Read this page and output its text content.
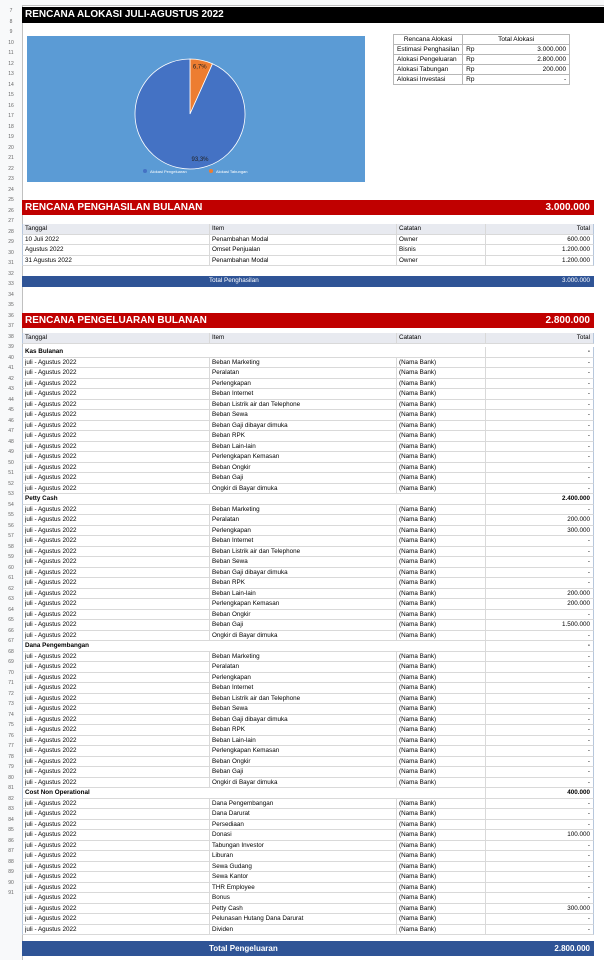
7
8
9
10
11
12
13
14
15
16
17
18
19
20
21
22
23
24
25
26
27
28
29
30
31
32
33
34
35
36
37
38
39
40
41
42
43
44
45
46
47
48
49
50
51
52
53
54
55
56
57
58
59
60
61
62
63
64
65
66
67
68
69
70
71
72
73
74
75
76
77
78
79
80
81
82
83
84
85
86
87
88
89
90
91
RENCANA ALOKASI JULI-AGUSTUS 2022
6,7%
93,3%
Alokasi Pengeluaran	Alokasi Tabungan
Rencana Alokasi	Total Alokasi	
Estimasi Penghasilan	Rp	3.000.000
Alokasi Pengeluaran	Rp	2.800.000
Alokasi Tabungan	Rp	200.000
Alokasi Investasi	Rp	-
RENCANA PENGHASILAN BULANAN	3.000.000
Tanggal	Item	Catatan	Total
10 Juli 2022	Penambahan Modal	Owner	600.000
Agustus 2022	Omset Penjualan	Bisnis	1.200.000
31 Agustus 2022	Penambahan Modal	Owner	1.200.000
Total Penghasilan	3.000.000
RENCANA PENGELUARAN BULANAN	2.800.000
Tanggal	Item	Catatan	Total
Kas Bulanan	-
juli - Agustus 2022	Beban Marketing	(Nama Bank)	-
juli - Agustus 2022	Peralatan	(Nama Bank)	-
juli - Agustus 2022	Perlengkapan	(Nama Bank)	-
juli - Agustus 2022	Beban Internet	(Nama Bank)	-
juli - Agustus 2022	Beban Listrik air dan Telephone	(Nama Bank)	-
juli - Agustus 2022	Beban Sewa	(Nama Bank)	-
juli - Agustus 2022	Beban Gaji dibayar dimuka	(Nama Bank)	-
juli - Agustus 2022	Beban RPK	(Nama Bank)	-
juli - Agustus 2022	Beban Lain-lain	(Nama Bank)	-
juli - Agustus 2022	Perlengkapan Kemasan	(Nama Bank)	-
juli - Agustus 2022	Beban Ongkir	(Nama Bank)	-
juli - Agustus 2022	Beban Gaji	(Nama Bank)	-
juli - Agustus 2022	Ongkir di Bayar dimuka	(Nama Bank)	-
Petty Cash	2.400.000
juli - Agustus 2022	Beban Marketing	(Nama Bank)	-
juli - Agustus 2022	Peralatan	(Nama Bank)	200.000
juli - Agustus 2022	Perlengkapan	(Nama Bank)	300.000
juli - Agustus 2022	Beban Internet	(Nama Bank)	-
juli - Agustus 2022	Beban Listrik air dan Telephone	(Nama Bank)	-
juli - Agustus 2022	Beban Sewa	(Nama Bank)	-
juli - Agustus 2022	Beban Gaji dibayar dimuka	(Nama Bank)	-
juli - Agustus 2022	Beban RPK	(Nama Bank)	-
juli - Agustus 2022	Beban Lain-lain	(Nama Bank)	200.000
juli - Agustus 2022	Perlengkapan Kemasan	(Nama Bank)	200.000
juli - Agustus 2022	Beban Ongkir	(Nama Bank)	-
juli - Agustus 2022	Beban Gaji	(Nama Bank)	1.500.000
juli - Agustus 2022	Ongkir di Bayar dimuka	(Nama Bank)	-
Dana Pengembangan	-
juli - Agustus 2022	Beban Marketing	(Nama Bank)	-
juli - Agustus 2022	Peralatan	(Nama Bank)	-
juli - Agustus 2022	Perlengkapan	(Nama Bank)	-
juli - Agustus 2022	Beban Internet	(Nama Bank)	-
juli - Agustus 2022	Beban Listrik air dan Telephone	(Nama Bank)	-
juli - Agustus 2022	Beban Sewa	(Nama Bank)	-
juli - Agustus 2022	Beban Gaji dibayar dimuka	(Nama Bank)	-
juli - Agustus 2022	Beban RPK	(Nama Bank)	-
juli - Agustus 2022	Beban Lain-lain	(Nama Bank)	-
juli - Agustus 2022	Perlengkapan Kemasan	(Nama Bank)	-
juli - Agustus 2022	Beban Ongkir	(Nama Bank)	-
juli - Agustus 2022	Beban Gaji	(Nama Bank)	-
juli - Agustus 2022	Ongkir di Bayar dimuka	(Nama Bank)	-
Cost Non Operational	400.000
juli - Agustus 2022	Dana Pengembangan	(Nama Bank)	-
juli - Agustus 2022	Dana Darurat	(Nama Bank)	-
juli - Agustus 2022	Persediaan	(Nama Bank)	-
juli - Agustus 2022	Donasi	(Nama Bank)	100.000
juli - Agustus 2022	Tabungan Investor	(Nama Bank)	-
juli - Agustus 2022	Liburan	(Nama Bank)	-
juli - Agustus 2022	Sewa Gudang	(Nama Bank)	-
juli - Agustus 2022	Sewa Kantor	(Nama Bank)	-
juli - Agustus 2022	THR Employee	(Nama Bank)	-
juli - Agustus 2022	Bonus	(Nama Bank)	-
juli - Agustus 2022	Petty Cash	(Nama Bank)	300.000
juli - Agustus 2022	Pelunasan Hutang Dana Darurat	(Nama Bank)	-
juli - Agustus 2022	Dividen	(Nama Bank)	-
Total Pengeluaran	2.800.000
